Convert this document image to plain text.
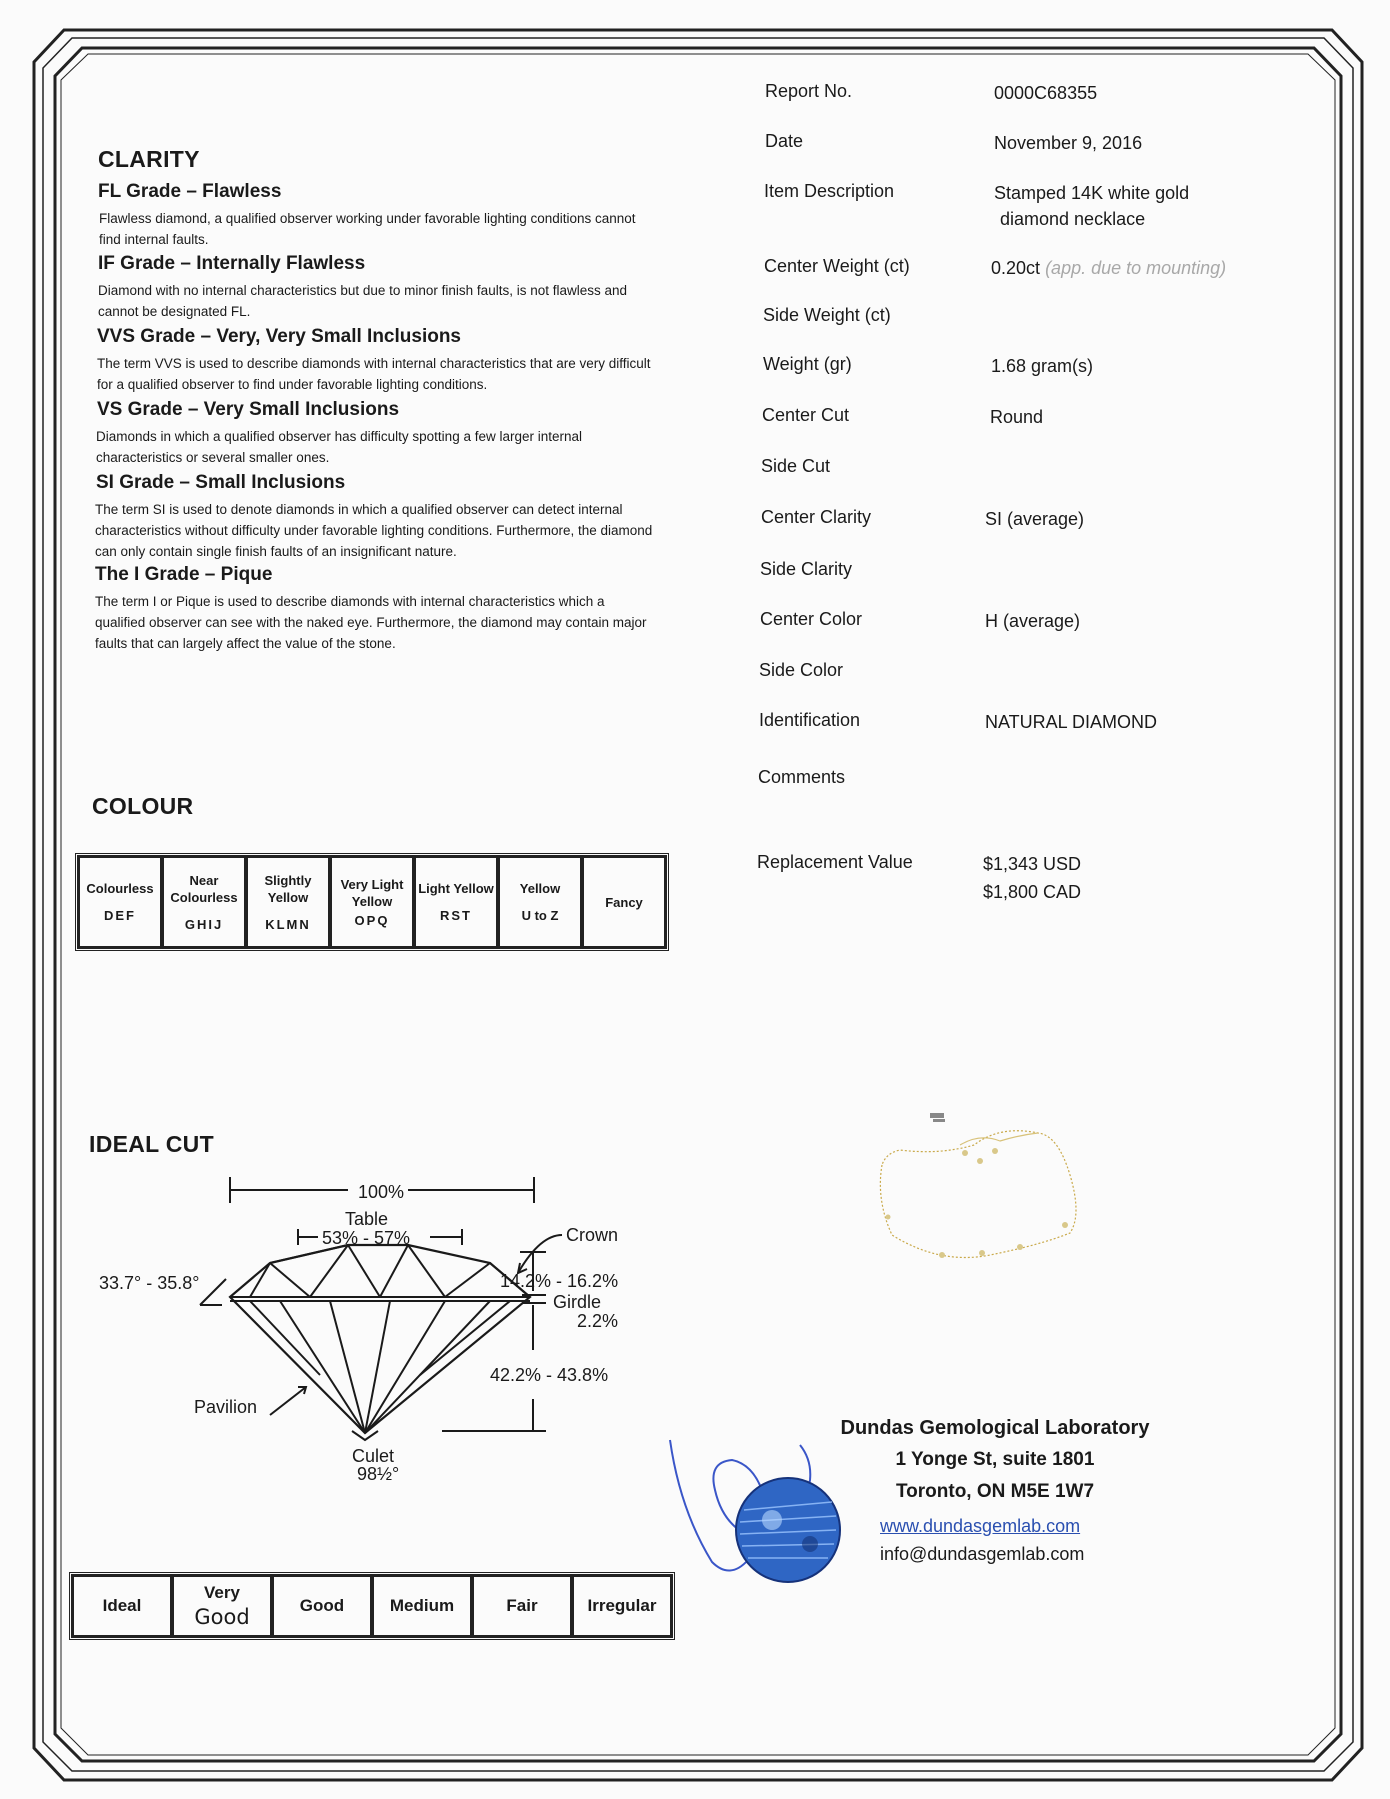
CLARITY
FL Grade – Flawless
Flawless diamond, a qualified observer working under favorable lighting conditions cannot find internal faults.
IF Grade – Internally Flawless
Diamond with no internal characteristics but due to minor finish faults, is not flawless and cannot be designated FL.
VVS Grade – Very, Very Small Inclusions
The term VVS is used to describe diamonds with internal characteristics that are very difficult for a qualified observer to find under favorable lighting conditions.
VS Grade – Very Small Inclusions
Diamonds in which a qualified observer has difficulty spotting a few larger internal characteristics or several smaller ones.
SI Grade – Small Inclusions
The term SI is used to denote diamonds in which a qualified observer can detect internal characteristics without difficulty under favorable lighting conditions. Furthermore, the diamond can only contain single finish faults of an insignificant nature.
The I Grade – Pique
The term I or Pique is used to describe diamonds with internal characteristics which a qualified observer can see with the naked eye. Furthermore, the diamond may contain major faults that can largely affect the value of the stone.
COLOUR
Colourless
DEF

Near Colourless
GHIJ

Slightly Yellow
KLMN

Very Light Yellow
OPQ

Light Yellow
RST

Yellow
U to Z

Fancy
IDEAL CUT
100%
Table
53% - 57%	Crown
33.7° - 35.8°	14.2% - 16.2%
Girdle
2.2%
42.2% - 43.8%
Pavilion
Culet
98½°
Ideal	
Very
Good	Good	Medium	Fair	Irregular
Report No.	0000C68355
Date	November 9, 2016
Item Description	Stamped 14K white gold
diamond necklace
Center Weight (ct)	0.20ct (app. due to mounting)
Side Weight (ct)
Weight (gr)	1.68 gram(s)
Center Cut	Round
Side Cut
Center Clarity	SI (average)
Side Clarity
Center Color	H (average)
Side Color
Identification	NATURAL DIAMOND
Comments
Replacement Value	$1,343 USD
$1,800 CAD
Dundas Gemological Laboratory
1 Yonge St, suite 1801
Toronto, ON M5E 1W7
www.dundasgemlab.com
info@dundasgemlab.com
